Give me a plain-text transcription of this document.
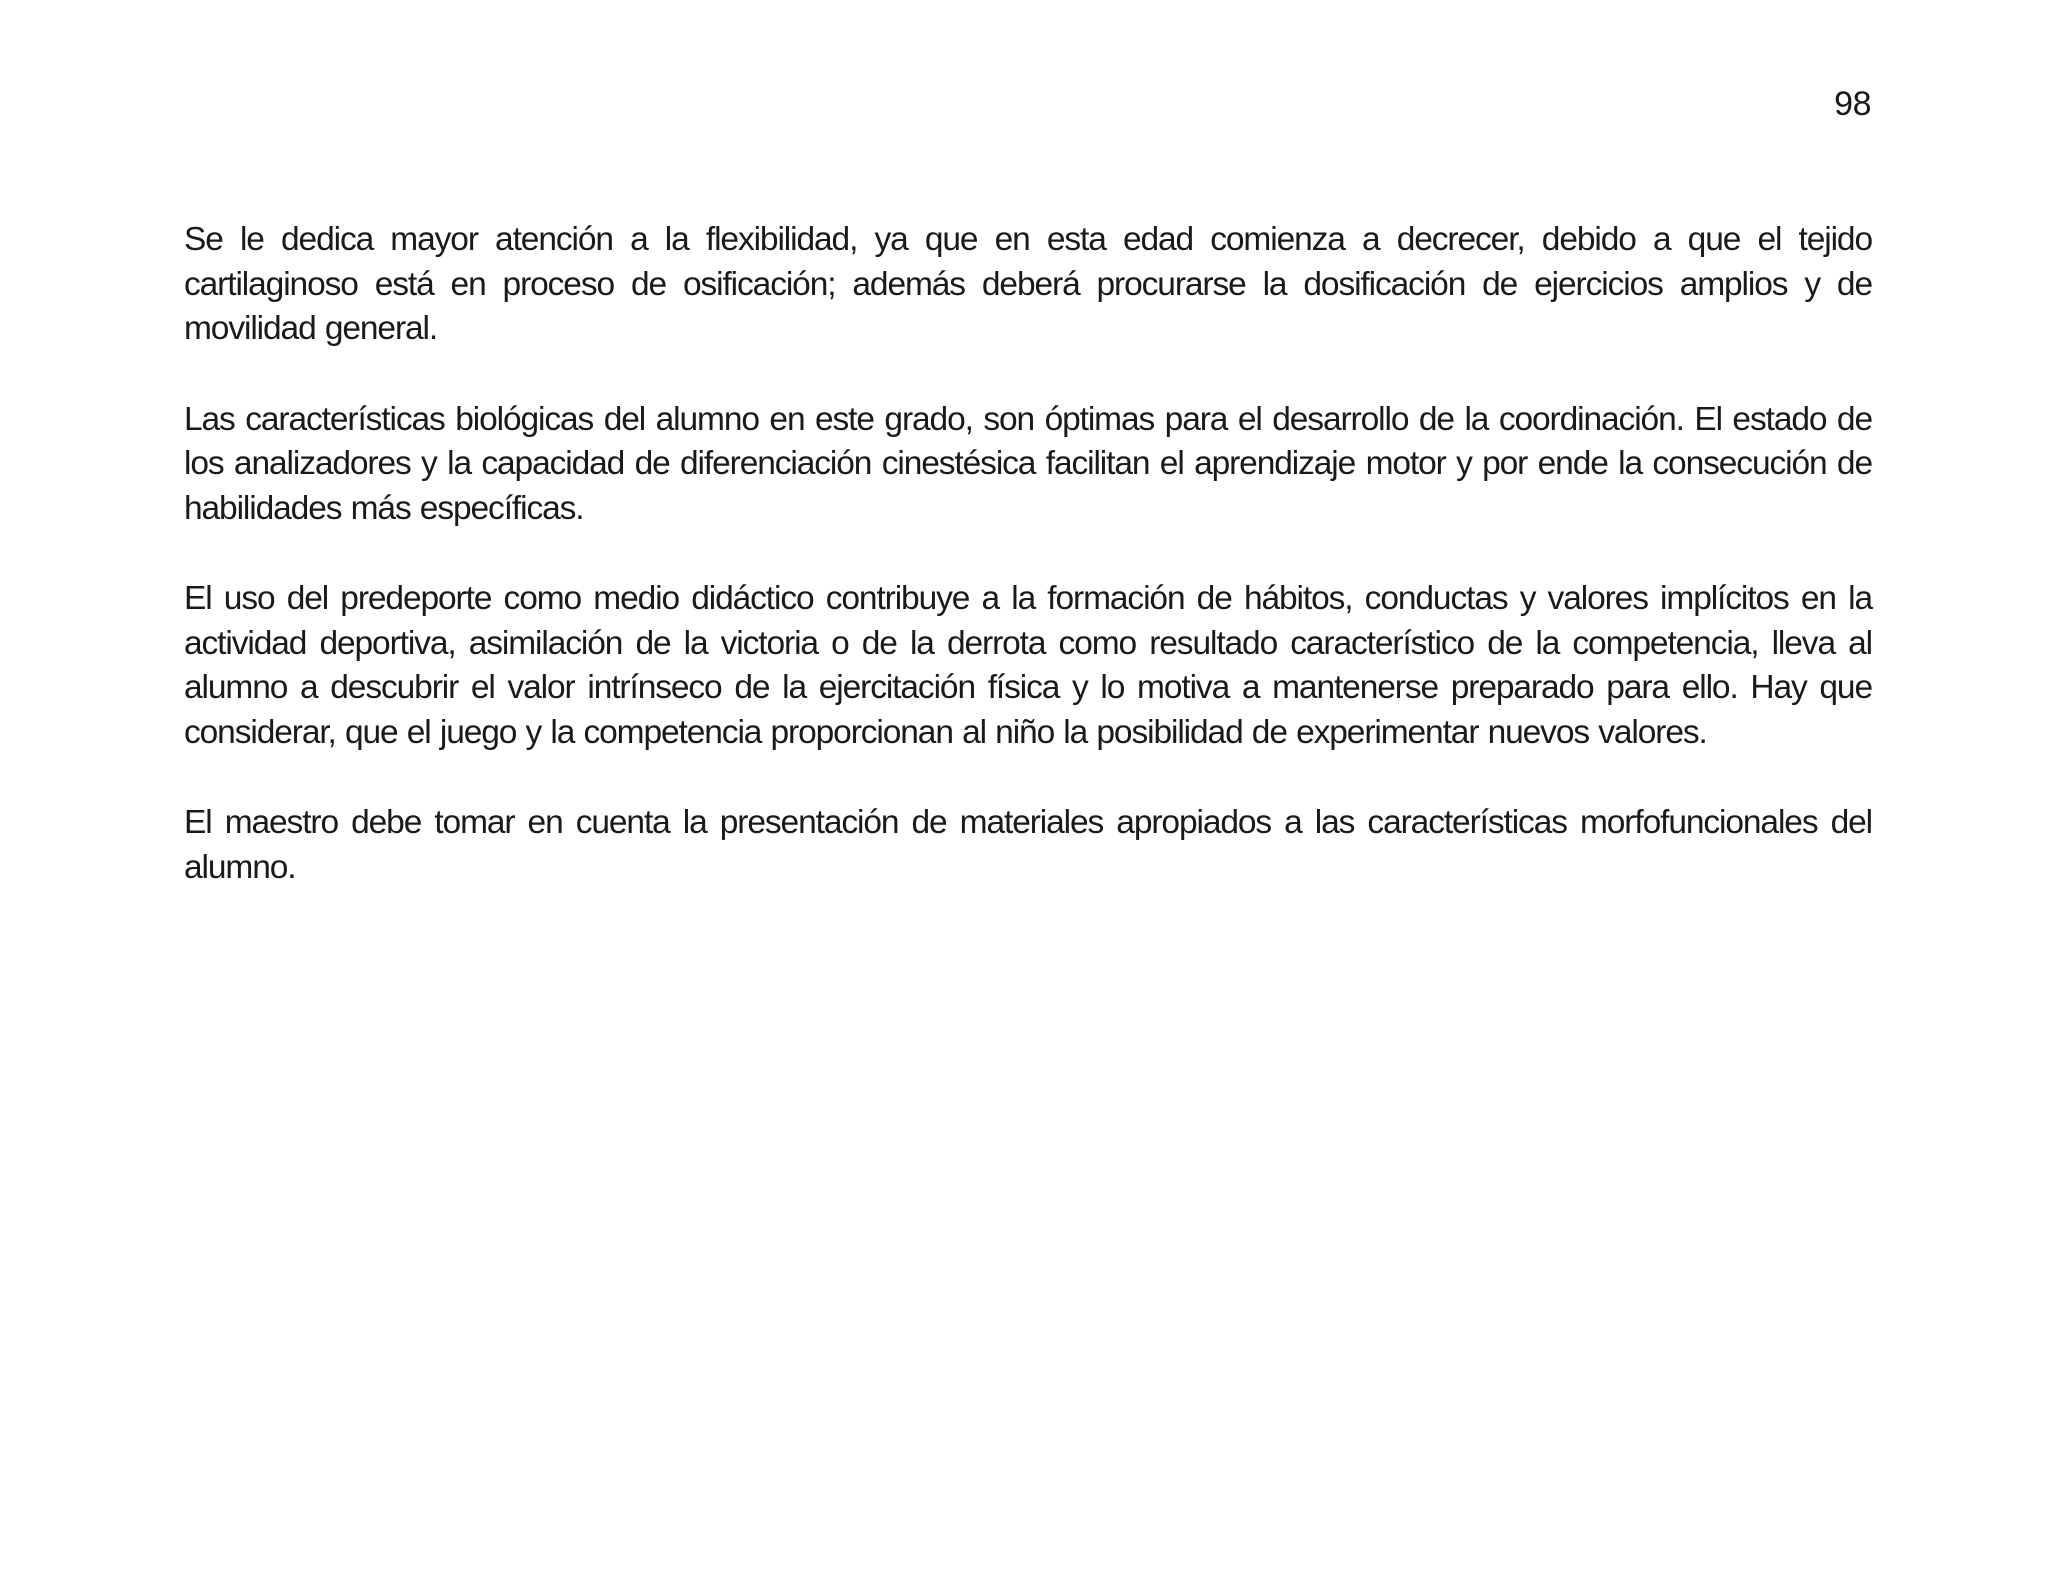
98

Se le dedica mayor atención a la flexibilidad, ya que en esta edad comienza a decrecer, debido a que el tejido cartilaginoso está en proceso de osificación; además deberá procurarse la dosificación de ejercicios amplios y de movilidad general.

Las características biológicas del alumno en este grado, son óptimas para el desarrollo de la coordinación. El estado de los analizadores y la capacidad de diferenciación cinestésica facilitan el aprendizaje motor y por ende la consecución de habilidades más específicas.

El uso del predeporte como medio didáctico contribuye a la formación de hábitos, conductas y valores implícitos en la actividad deportiva, asimilación de la victoria o de la derrota como resultado característico de la competencia, lleva al alumno a descubrir el valor intrínseco de la ejercitación física y lo motiva a mantenerse preparado para ello. Hay que considerar, que el juego y la competencia proporcionan al niño la posibilidad de experimentar nuevos valores.

El maestro debe tomar en cuenta la presentación de materiales apropiados a las características morfofuncionales del alumno.
